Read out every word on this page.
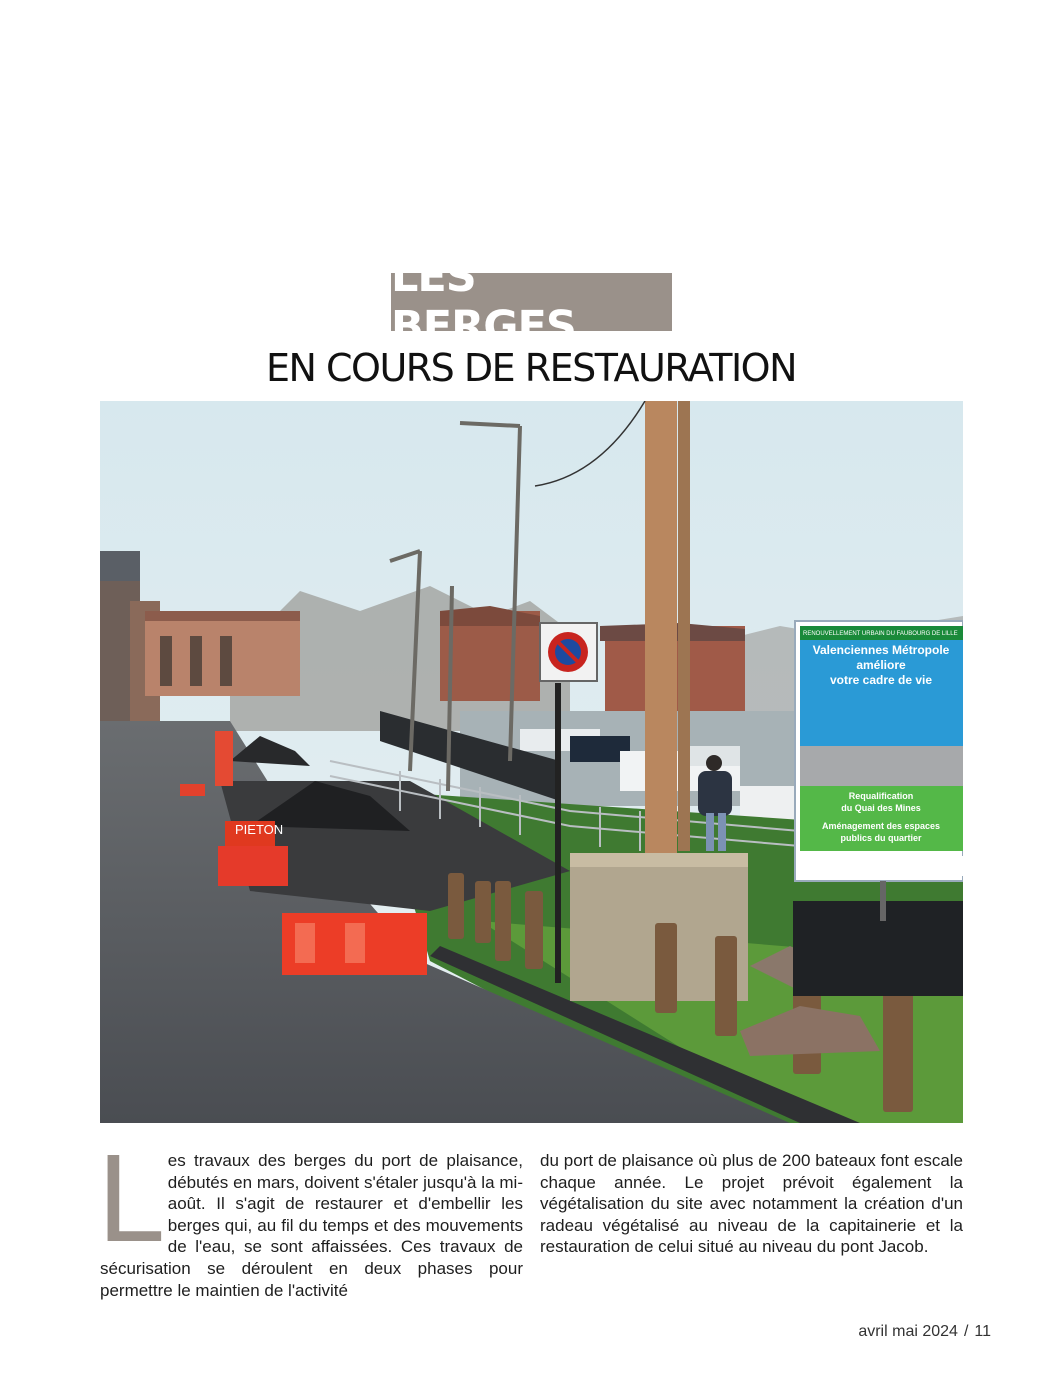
LES BERGES
EN COURS DE RESTAURATION
PIETON
RENOUVELLEMENT URBAIN DU FAUBOURG DE LILLE
Valenciennes Métropole
améliore
votre cadre de vie
Requalification
du Quai des Mines
Aménagement des espaces
publics du quartier
L es travaux des berges du port de plaisance, débutés en mars, doivent s'étaler jusqu'à la mi-août. Il s'agit de restaurer et d'embellir les berges qui, au fil du temps et des mouvements de l'eau, se sont affaissées. Ces travaux de sécurisation se déroulent en deux phases pour permettre le maintien de l'activité
du port de plaisance où plus de 200 bateaux font escale chaque année. Le projet prévoit également la végétalisation du site avec notamment la création d'un radeau végétalisé au niveau de la capitainerie et la restauration de celui situé au niveau du pont Jacob.
avril mai 2024 / 11
